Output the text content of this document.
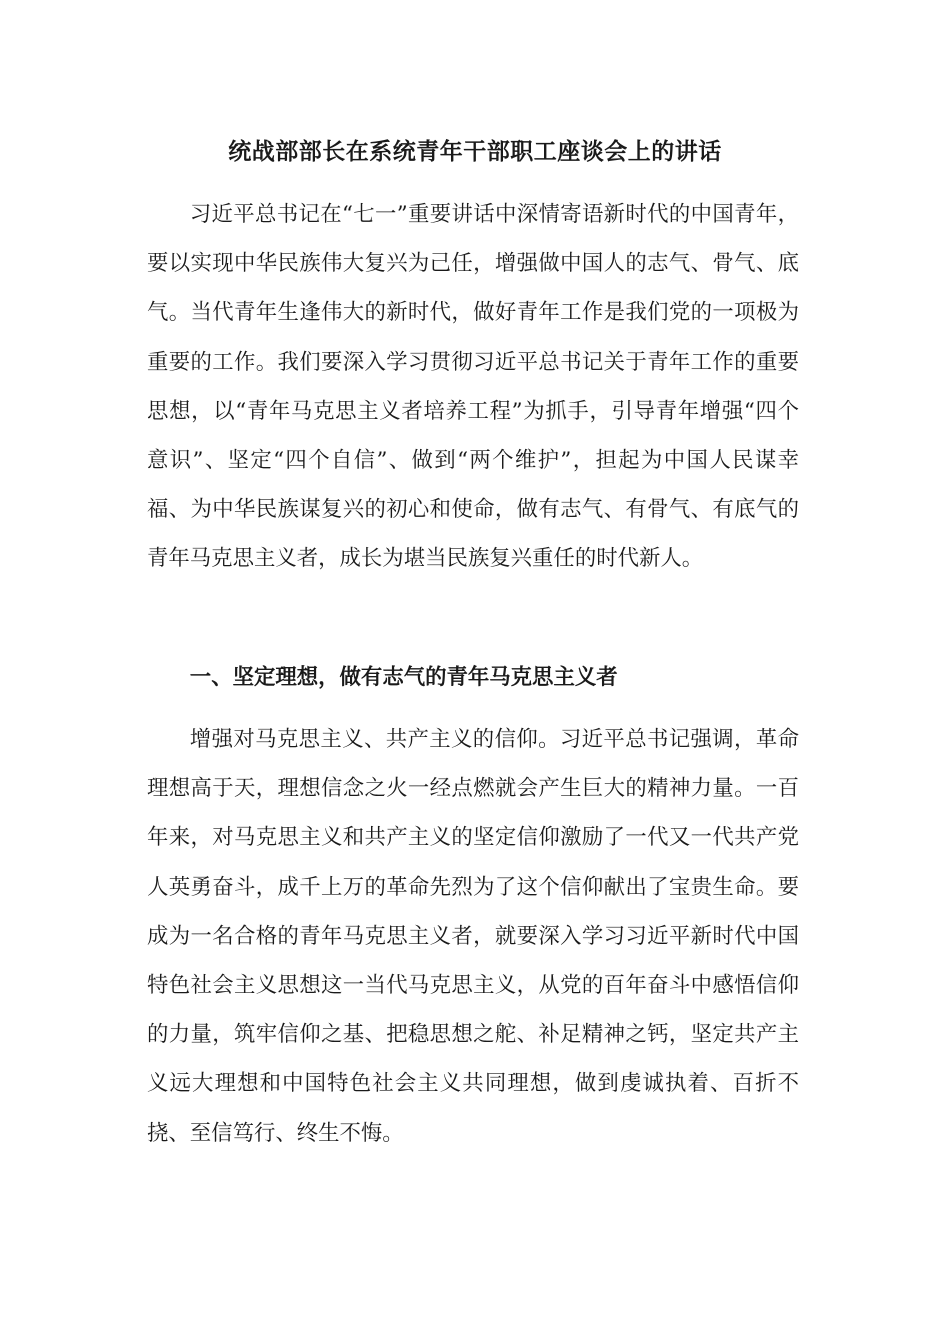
统战部部长在系统青年干部职工座谈会上的讲话

习近平总书记在“七一”重要讲话中深情寄语新时代的中国青年，要以实现中华民族伟大复兴为己任，增强做中国人的志气、骨气、底气。当代青年生逢伟大的新时代，做好青年工作是我们党的一项极为重要的工作。我们要深入学习贯彻习近平总书记关于青年工作的重要思想，以“青年马克思主义者培养工程”为抓手，引导青年增强“四个意识”、坚定“四个自信”、做到“两个维护”，担起为中国人民谋幸福、为中华民族谋复兴的初心和使命，做有志气、有骨气、有底气的青年马克思主义者，成长为堪当民族复兴重任的时代新人。

一、坚定理想，做有志气的青年马克思主义者

增强对马克思主义、共产主义的信仰。习近平总书记强调，革命理想高于天，理想信念之火一经点燃就会产生巨大的精神力量。一百年来，对马克思主义和共产主义的坚定信仰激励了一代又一代共产党人英勇奋斗，成千上万的革命先烈为了这个信仰献出了宝贵生命。要成为一名合格的青年马克思主义者，就要深入学习习近平新时代中国特色社会主义思想这一当代马克思主义，从党的百年奋斗中感悟信仰的力量，筑牢信仰之基、把稳思想之舵、补足精神之钙，坚定共产主义远大理想和中国特色社会主义共同理想，做到虔诚执着、百折不挠、至信笃行、终生不悔。
